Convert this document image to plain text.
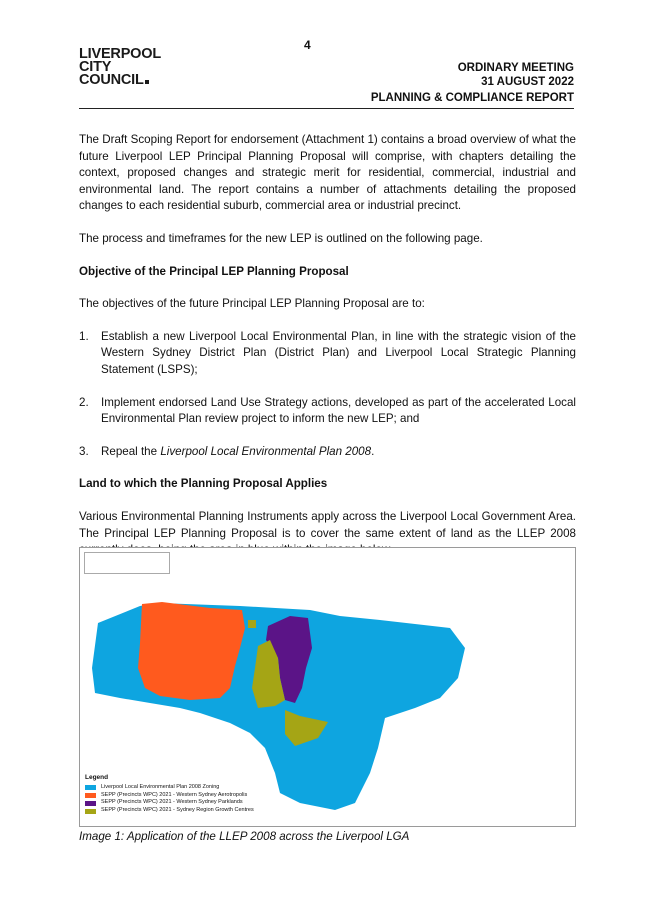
4
LIVERPOOL
CITY
COUNCIL
ORDINARY MEETING
31 AUGUST 2022
PLANNING & COMPLIANCE REPORT

The Draft Scoping Report for endorsement (Attachment 1) contains a broad overview of what the future Liverpool LEP Principal Planning Proposal will comprise, with chapters detailing the context, proposed changes and strategic merit for residential, commercial, industrial and environmental land. The report contains a number of attachments detailing the proposed changes to each residential suburb, commercial area or industrial precinct.

The process and timeframes for the new LEP is outlined on the following page.

Objective of the Principal LEP Planning Proposal

The objectives of the future Principal LEP Planning Proposal are to:

1. Establish a new Liverpool Local Environmental Plan, in line with the strategic vision of the Western Sydney District Plan (District Plan) and Liverpool Local Strategic Planning Statement (LSPS);
2. Implement endorsed Land Use Strategy actions, developed as part of the accelerated Local Environmental Plan review project to inform the new LEP; and
3. Repeal the Liverpool Local Environmental Plan 2008.
Land to which the Planning Proposal Applies

Various Environmental Planning Instruments apply across the Liverpool Local Government Area. The Principal LEP Planning Proposal is to cover the same extent of land as the LLEP 2008

Legend
Liverpool Local Environmental Plan 2008 Zoning
SEPP (Precincts WPC) 2021 - Western Sydney Aerotropolis
SEPP (Precincts WPC) 2021 - Western Sydney Parklands
SEPP (Precincts WPC) 2021 - Sydney Region Growth Centres
Image 1: Application of the LLEP 2008 across the Liverpool LGA
